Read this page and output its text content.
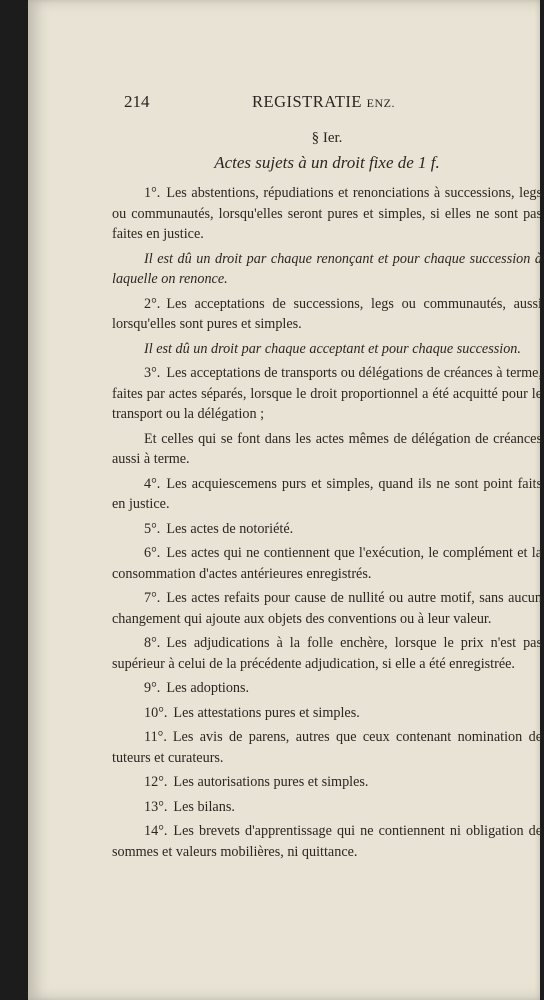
214	REGISTRATIE ENZ.
§ Ier.
Actes sujets à un droit fixe de 1 f.
1°. Les abstentions, répudiations et renonciations à successions, legs ou communautés, lorsqu'elles seront pures et simples, si elles ne sont pas faites en justice.
Il est dû un droit par chaque renonçant et pour chaque succession à laquelle on renonce.
2°. Les acceptations de successions, legs ou communautés, aussi lorsqu'elles sont pures et simples.
Il est dû un droit par chaque acceptant et pour chaque succession.
3°. Les acceptations de transports ou délégations de créances à terme, faites par actes séparés, lorsque le droit proportionnel a été acquitté pour le transport ou la délégation ;
Et celles qui se font dans les actes mêmes de délégation de créances aussi à terme.
4°. Les acquiescemens purs et simples, quand ils ne sont point faits en justice.
5°. Les actes de notoriété.
6°. Les actes qui ne contiennent que l'exécution, le complément et la consommation d'actes antérieures enregistrés.
7°. Les actes refaits pour cause de nullité ou autre motif, sans aucun changement qui ajoute aux objets des conventions ou à leur valeur.
8°. Les adjudications à la folle enchère, lorsque le prix n'est pas supérieur à celui de la précédente adjudication, si elle a été enregistrée.
9°. Les adoptions.
10°. Les attestations pures et simples.
11°. Les avis de parens, autres que ceux contenant nomination de tuteurs et curateurs.
12°. Les autorisations pures et simples.
13°. Les bilans.
14°. Les brevets d'apprentissage qui ne contiennent ni obligation de sommes et valeurs mobilières, ni quittance.
